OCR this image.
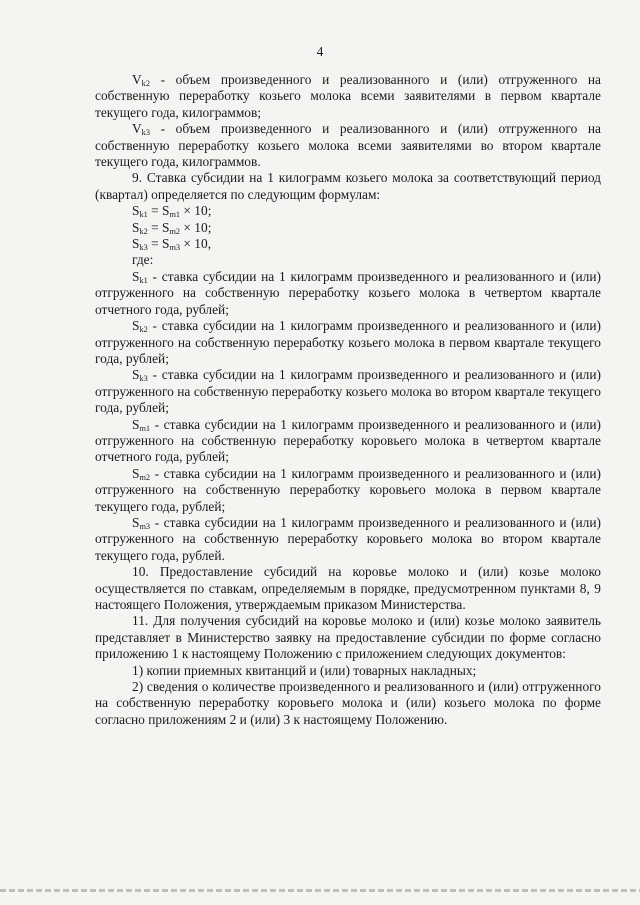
4

$V_{k2}$ - объем произведенного и реализованного и (или) отгруженного на собственную переработку козьего молока всеми заявителями в первом квартале текущего года, килограммов;

$V_{k3}$ - объем произведенного и реализованного и (или) отгруженного на собственную переработку козьего молока всеми заявителями во втором квартале текущего года, килограммов.

9. Ставка субсидии на 1 килограмм козьего молока за соответствующий период (квартал) определяется по следующим формулам:

$S_{k1} = S_{m1} \times 10$;

$S_{k2} = S_{m2} \times 10$;

$S_{k3} = S_{m3} \times 10$,

где:

$S_{k1}$ - ставка субсидии на 1 килограмм произведенного и реализованного и (или) отгруженного на собственную переработку козьего молока в четвертом квартале отчетного года, рублей;

$S_{k2}$ - ставка субсидии на 1 килограмм произведенного и реализованного и (или) отгруженного на собственную переработку козьего молока в первом квартале текущего года, рублей;

$S_{k3}$ - ставка субсидии на 1 килограмм произведенного и реализованного и (или) отгруженного на собственную переработку козьего молока во втором квартале текущего года, рублей;

$S_{m1}$ - ставка субсидии на 1 килограмм произведенного и реализованного и (или) отгруженного на собственную переработку коровьего молока в четвертом квартале отчетного года, рублей;

$S_{m2}$ - ставка субсидии на 1 килограмм произведенного и реализованного и (или) отгруженного на собственную переработку коровьего молока в первом квартале текущего года, рублей;

$S_{m3}$ - ставка субсидии на 1 килограмм произведенного и реализованного и (или) отгруженного на собственную переработку коровьего молока во втором квартале текущего года, рублей.

10. Предоставление субсидий на коровье молоко и (или) козье молоко осуществляется по ставкам, определяемым в порядке, предусмотренном пунктами 8, 9 настоящего Положения, утверждаемым приказом Министерства.

11. Для получения субсидий на коровье молоко и (или) козье молоко заявитель представляет в Министерство заявку на предоставление субсидии по форме согласно приложению 1 к настоящему Положению с приложением следующих документов:

1) копии приемных квитанций и (или) товарных накладных;

2) сведения о количестве произведенного и реализованного и (или) отгруженного на собственную переработку коровьего молока и (или) козьего молока по форме согласно приложениям 2 и (или) 3 к настоящему Положению.
